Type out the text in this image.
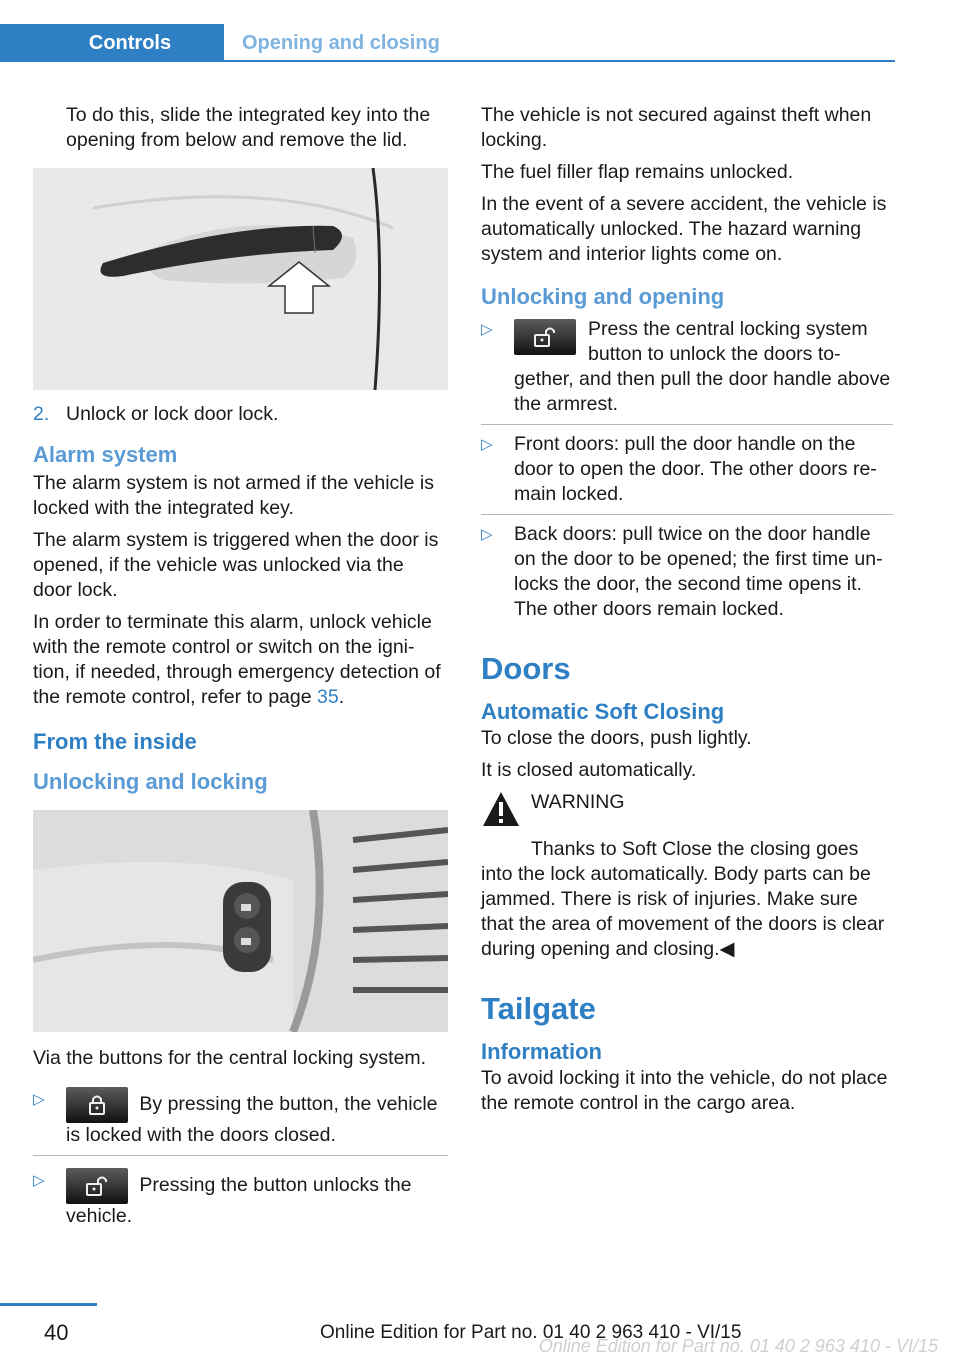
Controls	Opening and closing

To do this, slide the integrated key into the opening from below and remove the lid.

2. Unlock or lock door lock.
Alarm system

The alarm system is not armed if the vehicle is locked with the integrated key.

The alarm system is triggered when the door is opened, if the vehicle was unlocked via the door lock.

In order to terminate this alarm, unlock vehicle with the remote control or switch on the igni‐ tion, if needed, through emergency detection of the remote control, refer to page 35.

From the inside
Unlocking and locking

Via the buttons for the central locking system.

▷	By pressing the button, the vehicle is locked with the doors closed.
▷	Pressing the button unlocks the vehicle.

The vehicle is not secured against theft when locking.

The fuel filler flap remains unlocked.

In the event of a severe accident, the vehicle is automatically unlocked. The hazard warning system and interior lights come on.

Unlocking and opening
▷	Press the central locking system button to unlock the doors to‐ gether, and then pull the door handle above the armrest.
▷	Front doors: pull the door handle on the door to open the door. The other doors re‐ main locked.
▷	Back doors: pull twice on the door handle on the door to be opened; the first time un‐ locks the door, the second time opens it. The other doors remain locked.
Doors
Automatic Soft Closing

To close the doors, push lightly.

It is closed automatically.

WARNING

Thanks to Soft Close the closing goes into the lock automatically. Body parts can be jammed. There is risk of injuries. Make sure that the area of movement of the doors is clear during opening and closing.◀

Tailgate
Information

To avoid locking it into the vehicle, do not place the remote control in the cargo area.

40	Online Edition for Part no. 01 40 2 963 410 - VI/15
Online Edition for Part no. 01 40 2 963 410 - VI/15
